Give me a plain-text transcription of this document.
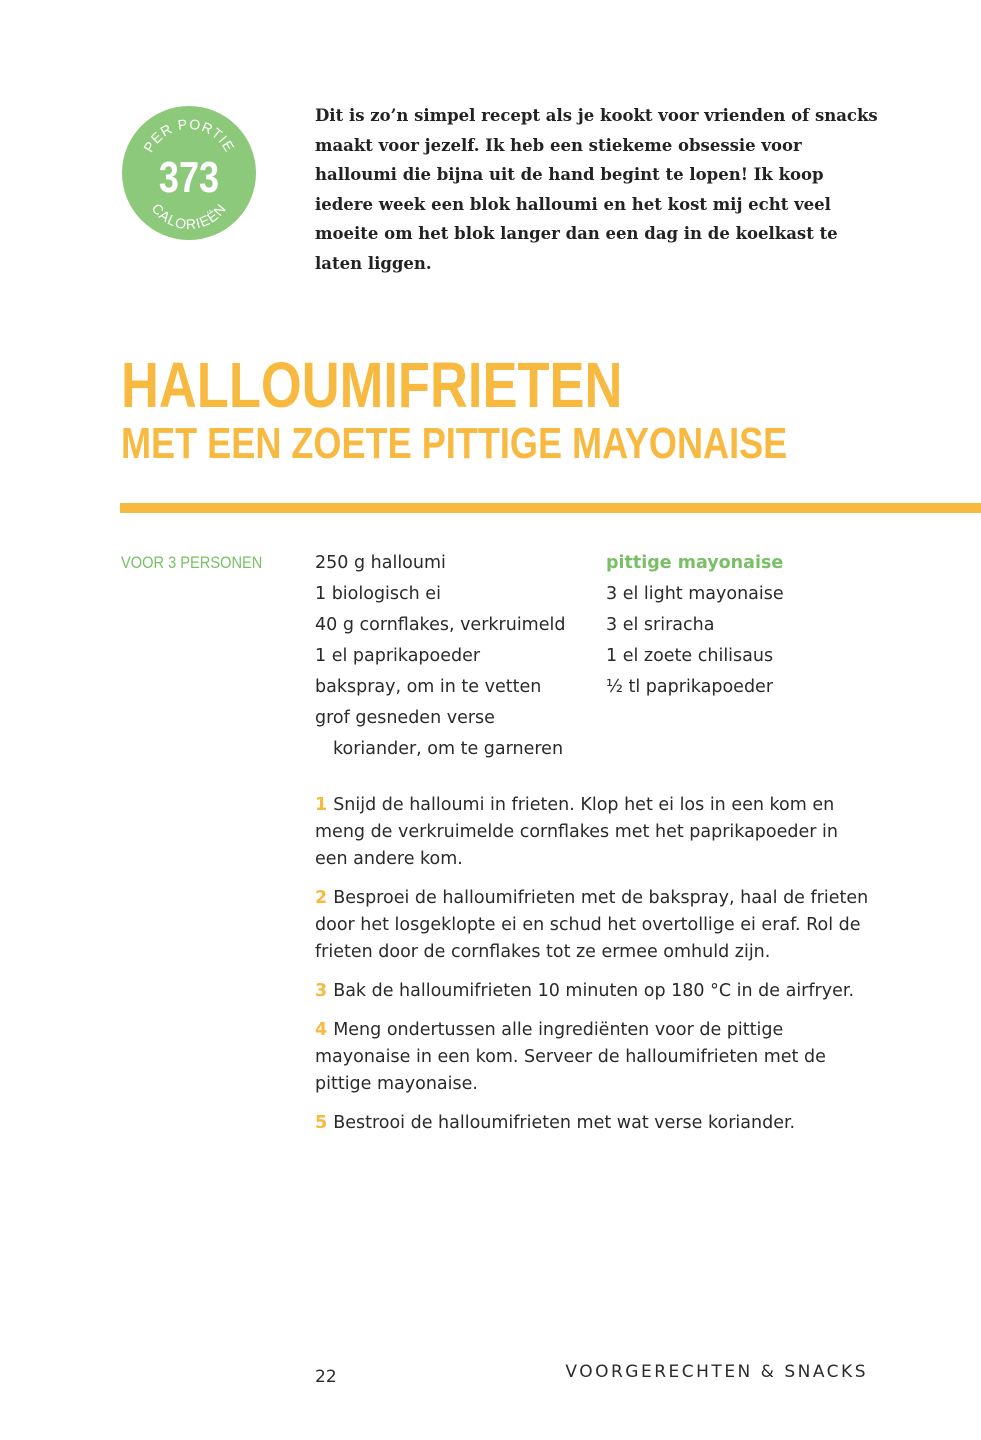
PER PORTIE
373
CALORIEËN

Dit is zo’n simpel recept als je kookt voor vrienden of snacks maakt voor jezelf. Ik heb een stiekeme obsessie voor halloumi die bijna uit de hand begint te lopen! Ik koop iedere week een blok halloumi en het kost mij echt veel moeite om het blok langer dan een dag in de koelkast te laten liggen.

HALLOUMIFRIETEN
MET EEN ZOETE PITTIGE MAYONAISE
VOOR 3 PERSONEN	250 g halloumi
1 biologisch ei
40 g cornflakes, verkruimeld
1 el paprikapoeder
bakspray, om in te vetten
grof gesneden verse
koriander, om te garneren
pittige mayonaise
3 el light mayonaise
3 el sriracha
1 el zoete chilisaus
½ tl paprikapoeder
1 Snijd de halloumi in frieten. Klop het ei los in een kom en meng de verkruimelde cornflakes met het paprikapoeder in een andere kom.
2 Besproei de halloumifrieten met de bakspray, haal de frieten door het losgeklopte ei en schud het overtollige ei eraf. Rol de frieten door de cornflakes tot ze ermee omhuld zijn.
3 Bak de halloumifrieten 10 minuten op 180 °C in de airfryer.
4 Meng ondertussen alle ingrediënten voor de pittige mayonaise in een kom. Serveer de halloumifrieten met de pittige mayonaise.
5 Bestrooi de halloumifrieten met wat verse koriander.
22	VOORGERECHTEN & SNACKS
